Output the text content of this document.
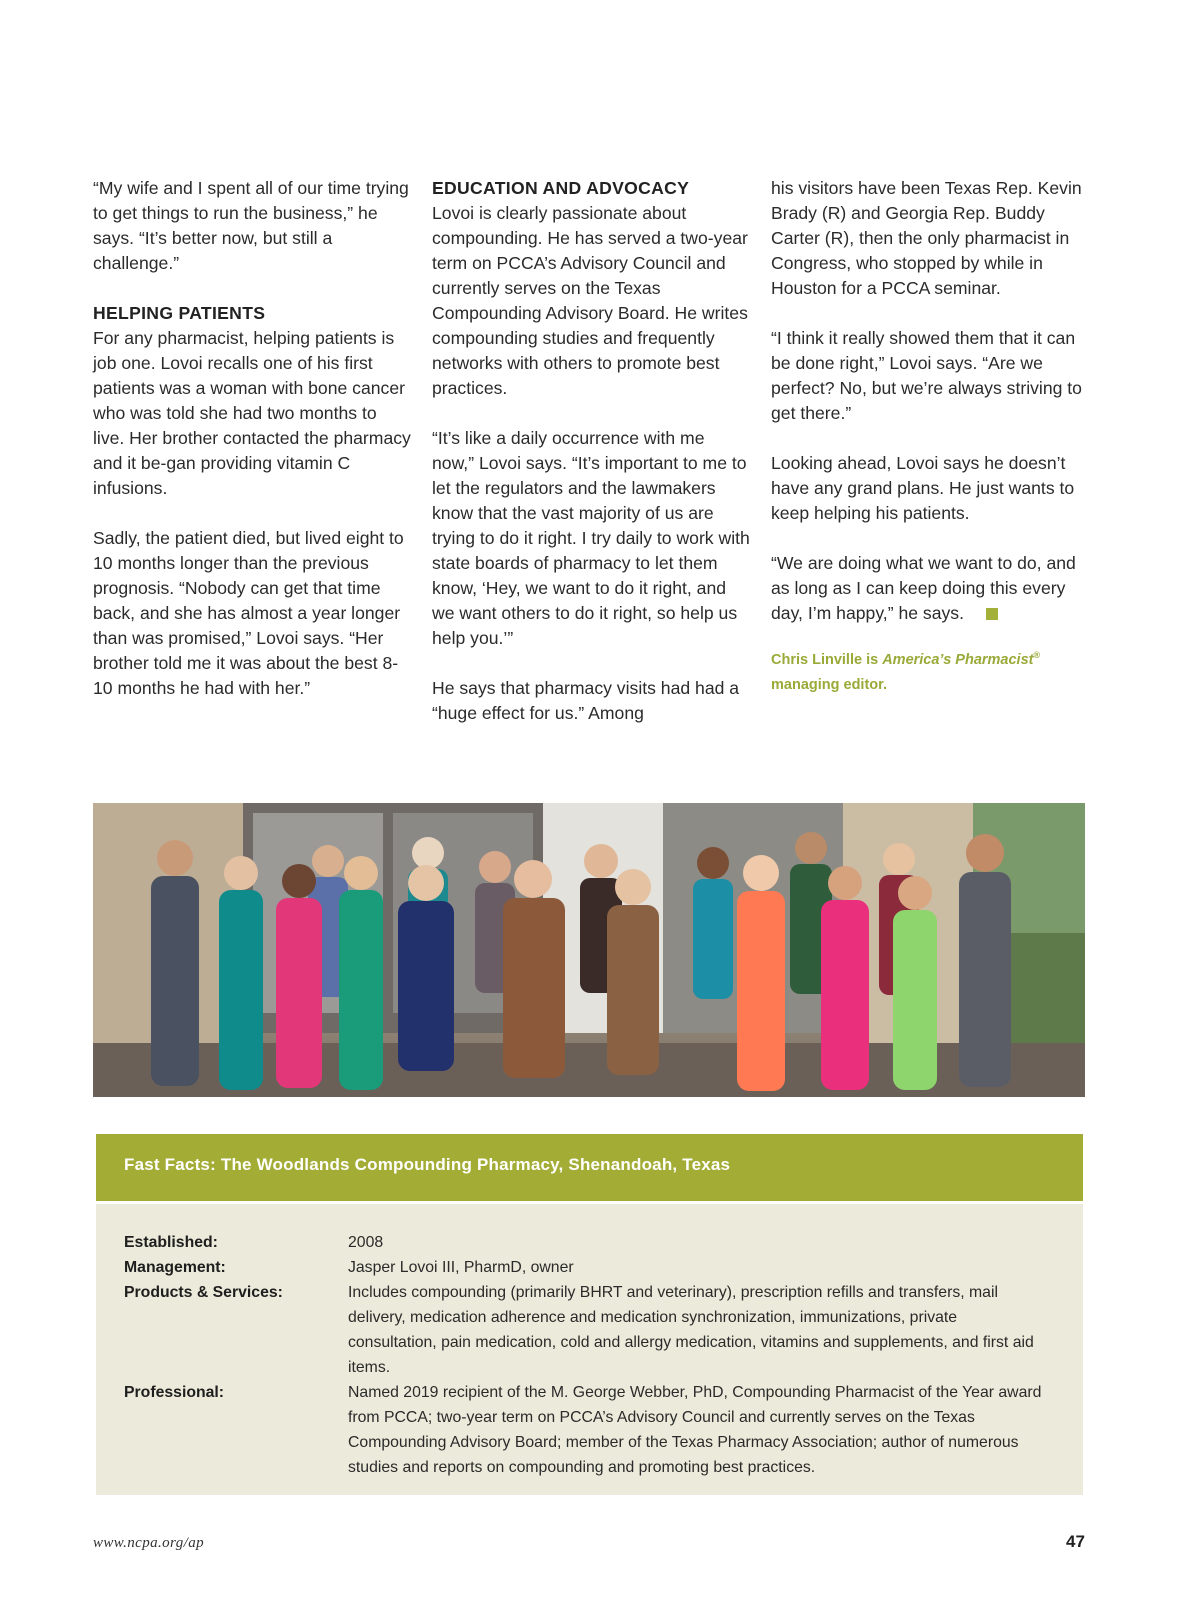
“My wife and I spent all of our time trying to get things to run the business,” he says. “It’s better now, but still a challenge.”

HELPING PATIENTS

For any pharmacist, helping patients is job one. Lovoi recalls one of his first patients was a woman with bone cancer who was told she had two months to live. Her brother contacted the pharmacy and it be-gan providing vitamin C infusions.

Sadly, the patient died, but lived eight to 10 months longer than the previous prognosis. “Nobody can get that time back, and she has almost a year longer than was promised,” Lovoi says. “Her brother told me it was about the best 8-10 months he had with her.”

EDUCATION AND ADVOCACY

Lovoi is clearly passionate about compounding. He has served a two-year term on PCCA’s Advisory Council and currently serves on the Texas Compounding Advisory Board. He writes compounding studies and frequently networks with others to promote best practices.

“It’s like a daily occurrence with me now,” Lovoi says. “It’s important to me to let the regulators and the lawmakers know that the vast majority of us are trying to do it right. I try daily to work with state boards of pharmacy to let them know, ‘Hey, we want to do it right, and we want others to do it right, so help us help you.’”

He says that pharmacy visits had had a “huge effect for us.” Among

his visitors have been Texas Rep. Kevin Brady (R) and Georgia Rep. Buddy Carter (R), then the only pharmacist in Congress, who stopped by while in Houston for a PCCA seminar.

“I think it really showed them that it can be done right,” Lovoi says. “Are we perfect? No, but we’re always striving to get there.”

Looking ahead, Lovoi says he doesn’t have any grand plans. He just wants to keep helping his patients.

“We are doing what we want to do, and as long as I can keep doing this every day, I’m happy,” he says.

Chris Linville is America’s Pharmacist®
managing editor.
Fast Facts: The Woodlands Compounding Pharmacy, Shenandoah, Texas
Established:	2008
Management:	Jasper Lovoi III, PharmD, owner
Products & Services:	Includes compounding (primarily BHRT and veterinary), prescription refills and transfers, mail delivery, medication adherence and medication synchronization, immunizations, private consultation, pain medication, cold and allergy medication, vitamins and supplements, and first aid items.
Professional:	Named 2019 recipient of the M. George Webber, PhD, Compounding Pharmacist of the Year award from PCCA; two-year term on PCCA’s Advisory Council and currently serves on the Texas Compounding Advisory Board; member of the Texas Pharmacy Association; author of numerous studies and reports on compounding and promoting best practices.
www.ncpa.org/ap	47
